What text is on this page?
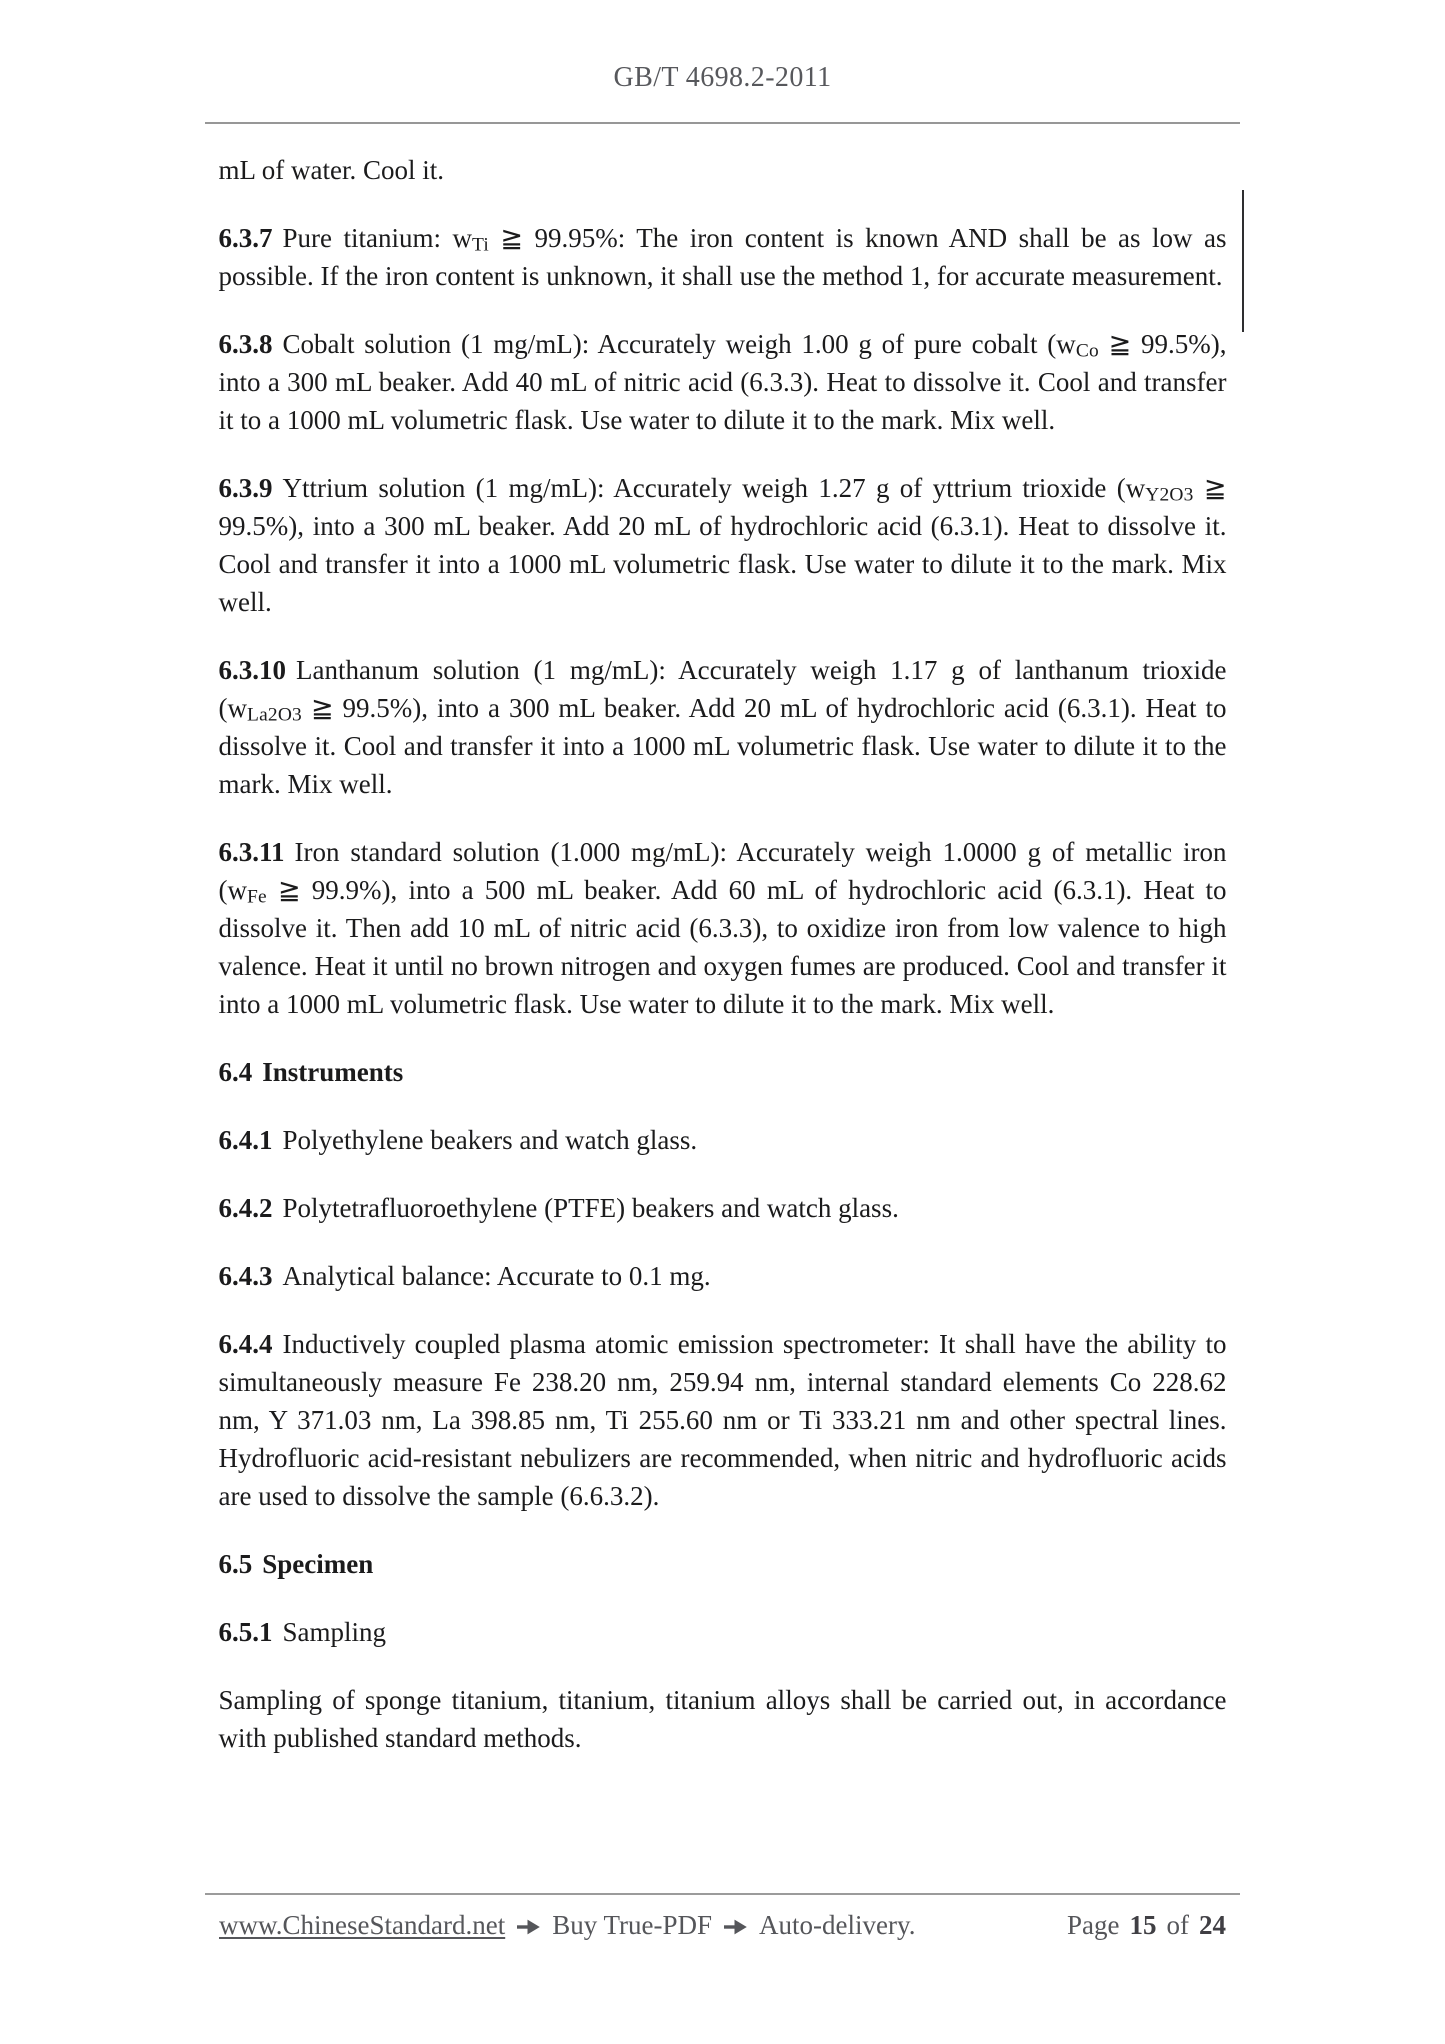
GB/T 4698.2-2011

mL of water. Cool it.

6.3.7 Pure titanium: $w_{Ti}$ ≧ 99.95%: The iron content is known AND shall be as low as possible. If the iron content is unknown, it shall use the method 1, for accurate measurement.

6.3.8 Cobalt solution (1 mg/mL): Accurately weigh 1.00 g of pure cobalt ($w_{Co}$ ≧ 99.5%), into a 300 mL beaker. Add 40 mL of nitric acid (6.3.3). Heat to dissolve it. Cool and transfer it to a 1000 mL volumetric flask. Use water to dilute it to the mark. Mix well.

6.3.9 Yttrium solution (1 mg/mL): Accurately weigh 1.27 g of yttrium trioxide ($w_{Y2O3}$ ≧ 99.5%), into a 300 mL beaker. Add 20 mL of hydrochloric acid (6.3.1). Heat to dissolve it. Cool and transfer it into a 1000 mL volumetric flask. Use water to dilute it to the mark. Mix well.

6.3.10 Lanthanum solution (1 mg/mL): Accurately weigh 1.17 g of lanthanum trioxide ($w_{La2O3}$ ≧ 99.5%), into a 300 mL beaker. Add 20 mL of hydrochloric acid (6.3.1). Heat to dissolve it. Cool and transfer it into a 1000 mL volumetric flask. Use water to dilute it to the mark. Mix well.

6.3.11 Iron standard solution (1.000 mg/mL): Accurately weigh 1.0000 g of metallic iron ($w_{Fe}$ ≧ 99.9%), into a 500 mL beaker. Add 60 mL of hydrochloric acid (6.3.1). Heat to dissolve it. Then add 10 mL of nitric acid (6.3.3), to oxidize iron from low valence to high valence. Heat it until no brown nitrogen and oxygen fumes are produced. Cool and transfer it into a 1000 mL volumetric flask. Use water to dilute it to the mark. Mix well.

6.4 Instruments

6.4.1 Polyethylene beakers and watch glass.

6.4.2 Polytetrafluoroethylene (PTFE) beakers and watch glass.

6.4.3 Analytical balance: Accurate to 0.1 mg.

6.4.4 Inductively coupled plasma atomic emission spectrometer: It shall have the ability to simultaneously measure Fe 238.20 nm, 259.94 nm, internal standard elements Co 228.62 nm, Y 371.03 nm, La 398.85 nm, Ti 255.60 nm or Ti 333.21 nm and other spectral lines. Hydrofluoric acid-resistant nebulizers are recommended, when nitric and hydrofluoric acids are used to dissolve the sample (6.6.3.2).

6.5 Specimen

6.5.1 Sampling

Sampling of sponge titanium, titanium, titanium alloys shall be carried out, in accordance with published standard methods.

www.ChineseStandard.net Buy True-PDF Auto-delivery.	Page 15 of 24
